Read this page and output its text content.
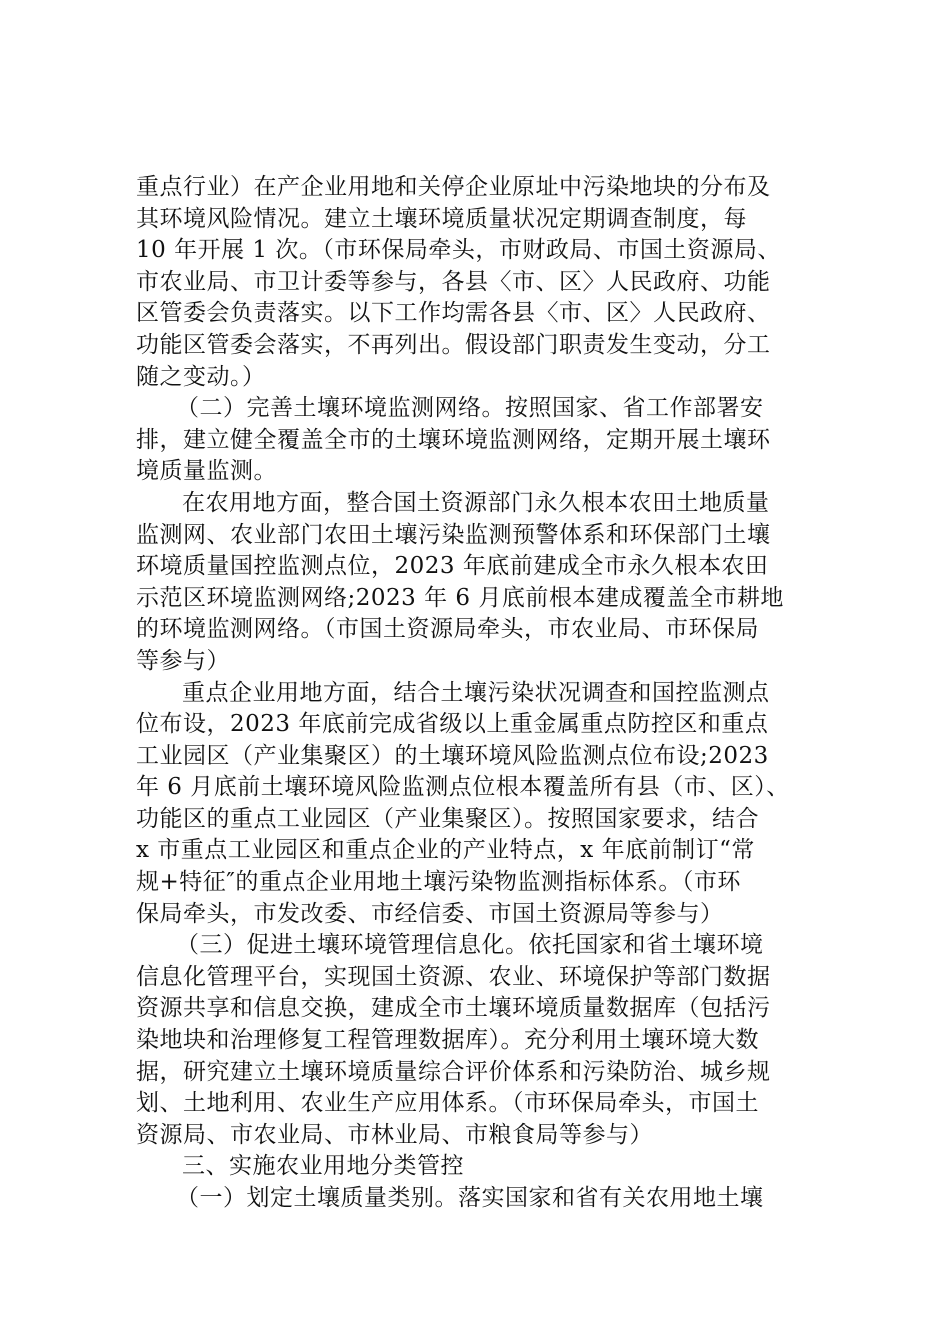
重点行业）在产企业用地和关停企业原址中污染地块的分布及
其环境风险情况。建立土壤环境质量状况定期调查制度，每
10 年开展 1 次。（市环保局牵头，市财政局、市国土资源局、
市农业局、市卫计委等参与，各县〈市、区〉人民政府、功能
区管委会负责落实。以下工作均需各县〈市、区〉人民政府、
功能区管委会落实，不再列出。假设部门职责发生变动，分工
随之变动。）
（二）完善土壤环境监测网络。按照国家、省工作部署安
排，建立健全覆盖全市的土壤环境监测网络，定期开展土壤环
境质量监测。
在农用地方面，整合国土资源部门永久根本农田土地质量
监测网、农业部门农田土壤污染监测预警体系和环保部门土壤
环境质量国控监测点位，2023 年底前建成全市永久根本农田
示范区环境监测网络;2023 年 6 月底前根本建成覆盖全市耕地
的环境监测网络。（市国土资源局牵头，市农业局、市环保局
等参与）
重点企业用地方面，结合土壤污染状况调查和国控监测点
位布设，2023 年底前完成省级以上重金属重点防控区和重点
工业园区（产业集聚区）的土壤环境风险监测点位布设;2023
年 6 月底前土壤环境风险监测点位根本覆盖所有县（市、区）、
功能区的重点工业园区（产业集聚区）。按照国家要求，结合
x 市重点工业园区和重点企业的产业特点，x 年底前制订“常
规+特征″的重点企业用地土壤污染物监测指标体系。（市环
保局牵头，市发改委、市经信委、市国土资源局等参与）
（三）促进土壤环境管理信息化。依托国家和省土壤环境
信息化管理平台，实现国土资源、农业、环境保护等部门数据
资源共享和信息交换，建成全市土壤环境质量数据库（包括污
染地块和治理修复工程管理数据库）。充分利用土壤环境大数
据，研究建立土壤环境质量综合评价体系和污染防治、城乡规
划、土地利用、农业生产应用体系。（市环保局牵头，市国土
资源局、市农业局、市林业局、市粮食局等参与）
三、实施农业用地分类管控
（一）划定土壤质量类别。落实国家和省有关农用地土壤
